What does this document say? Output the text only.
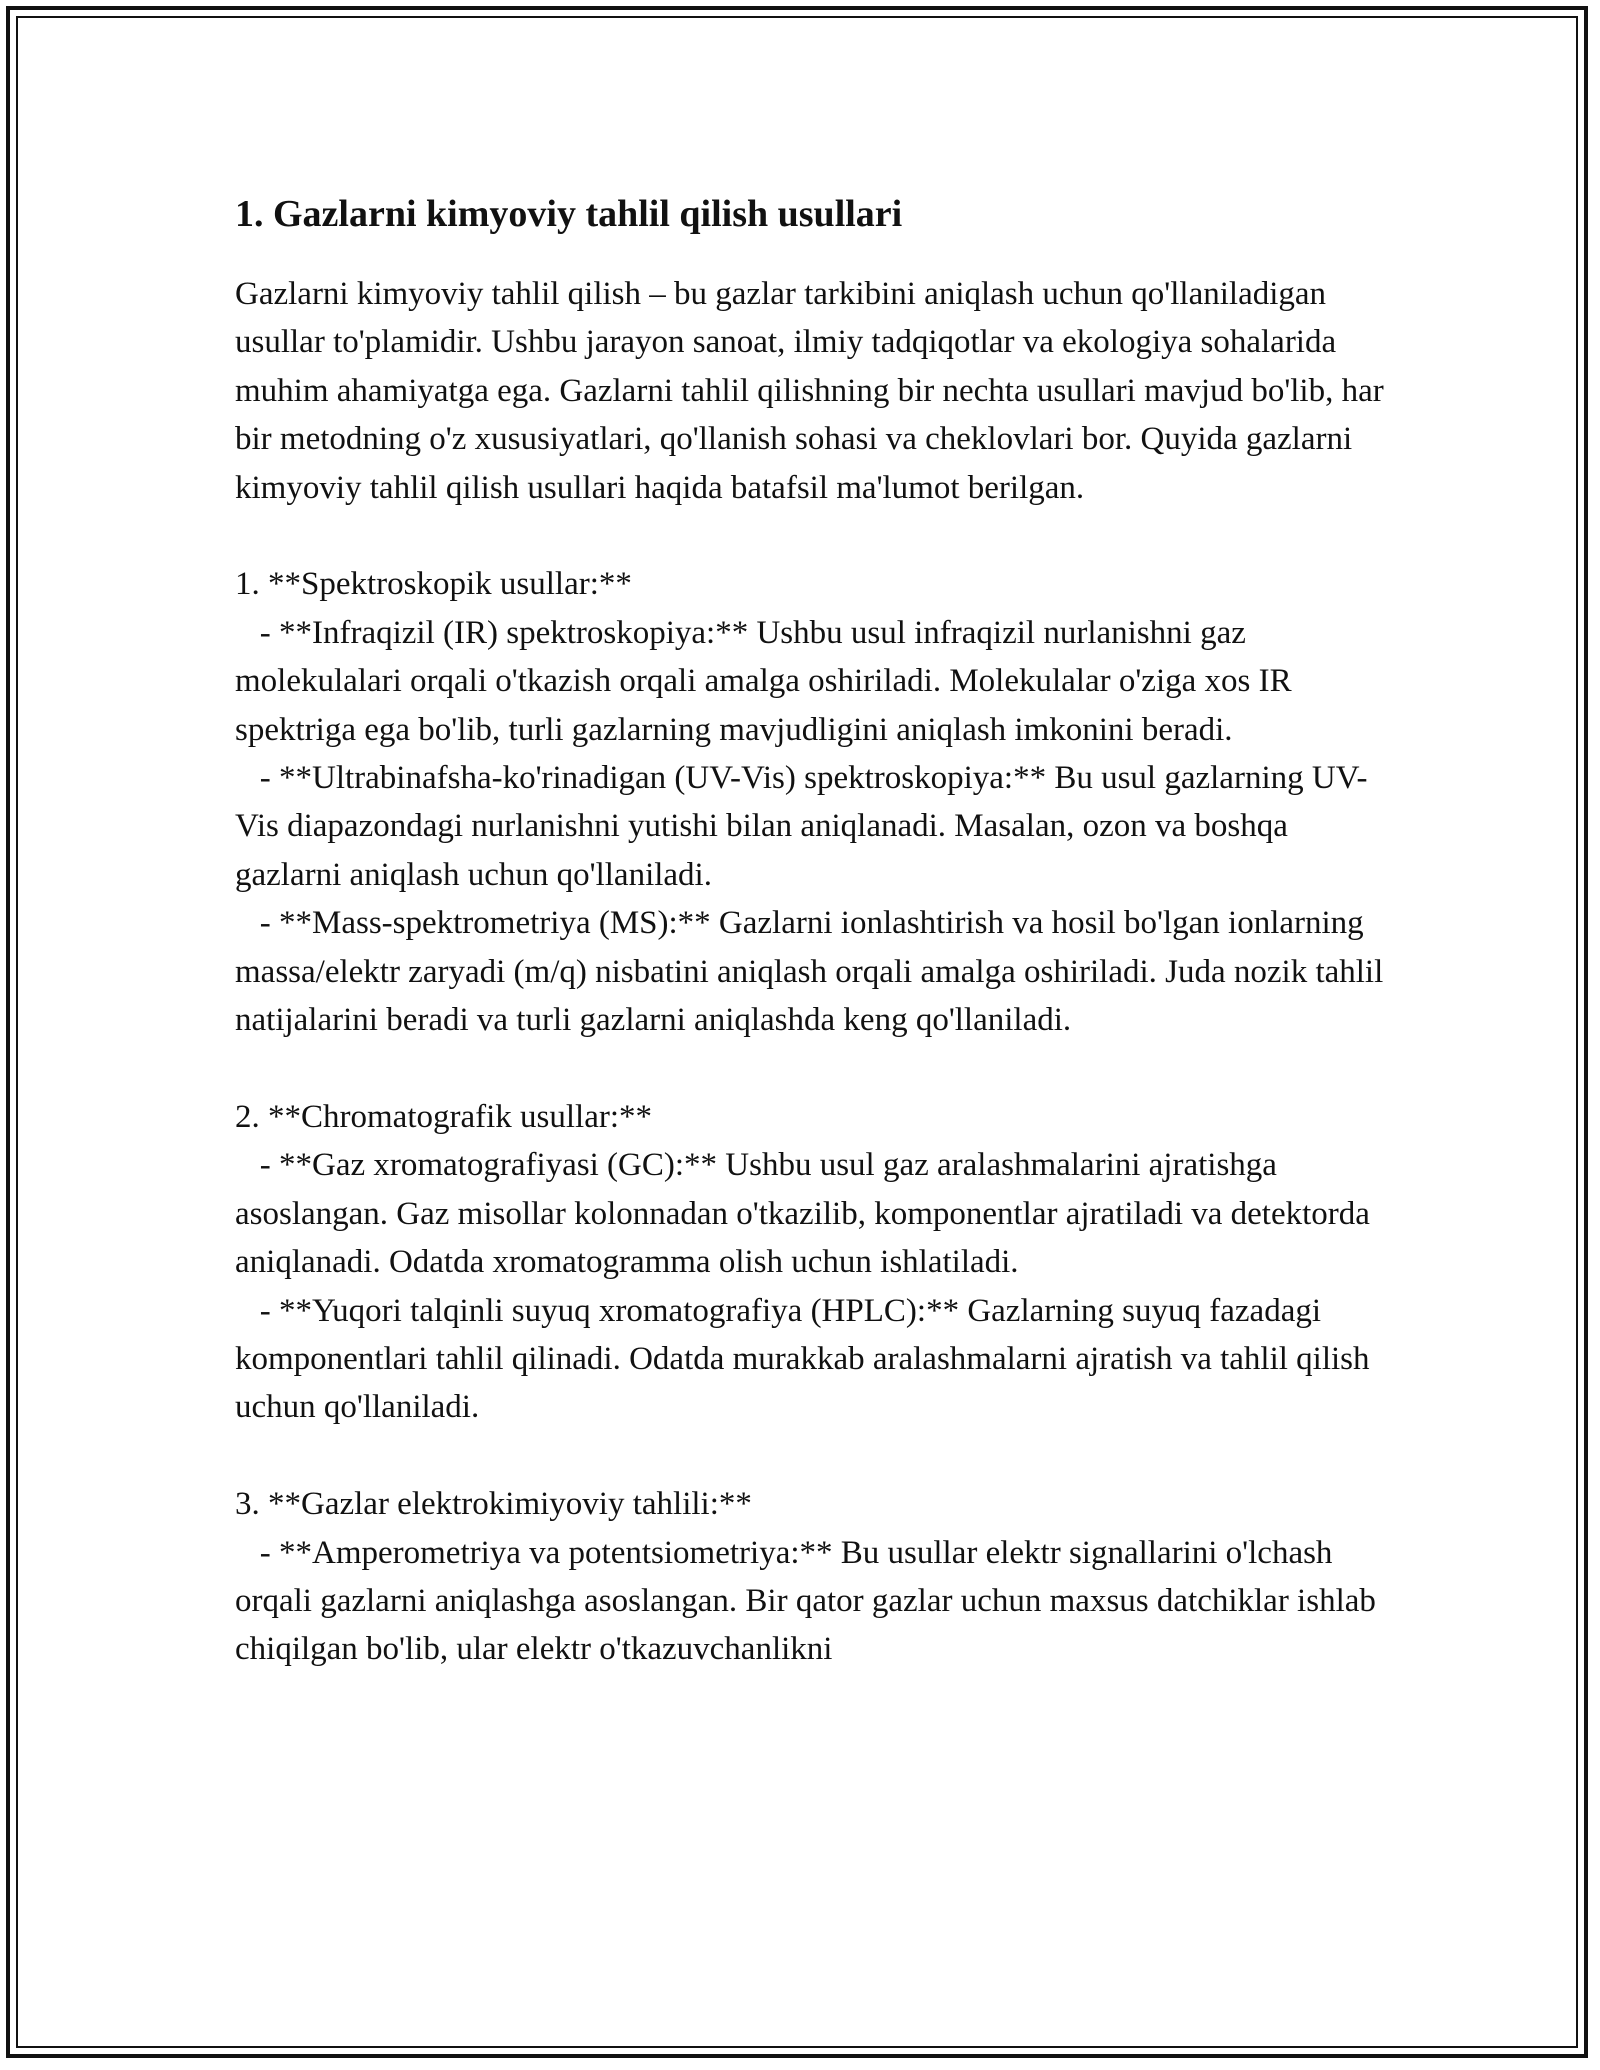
1. Gazlarni kimyoviy tahlil qilish usullari

Gazlarni kimyoviy tahlil qilish – bu gazlar tarkibini aniqlash uchun qo'llaniladigan usullar to'plamidir. Ushbu jarayon sanoat, ilmiy tadqiqotlar va ekologiya sohalarida muhim ahamiyatga ega. Gazlarni tahlil qilishning bir nechta usullari mavjud bo'lib, har bir metodning o'z xususiyatlari, qo'llanish sohasi va cheklovlari bor. Quyida gazlarni kimyoviy tahlil qilish usullari haqida batafsil ma'lumot berilgan.

1. **Spektroskopik usullar:**

- **Infraqizil (IR) spektroskopiya:** Ushbu usul infraqizil nurlanishni gaz molekulalari orqali o'tkazish orqali amalga oshiriladi. Molekulalar o'ziga xos IR spektriga ega bo'lib, turli gazlarning mavjudligini aniqlash imkonini beradi.

- **Ultrabinafsha-ko'rinadigan (UV-Vis) spektroskopiya:** Bu usul gazlarning UV-Vis diapazondagi nurlanishni yutishi bilan aniqlanadi. Masalan, ozon va boshqa gazlarni aniqlash uchun qo'llaniladi.

- **Mass-spektrometriya (MS):** Gazlarni ionlashtirish va hosil bo'lgan ionlarning massa/elektr zaryadi (m/q) nisbatini aniqlash orqali amalga oshiriladi. Juda nozik tahlil natijalarini beradi va turli gazlarni aniqlashda keng qo'llaniladi.

2. **Chromatografik usullar:**

- **Gaz xromatografiyasi (GC):** Ushbu usul gaz aralashmalarini ajratishga asoslangan. Gaz misollar kolonnadan o'tkazilib, komponentlar ajratiladi va detektorda aniqlanadi. Odatda xromatogramma olish uchun ishlatiladi.

- **Yuqori talqinli suyuq xromatografiya (HPLC):** Gazlarning suyuq fazadagi komponentlari tahlil qilinadi. Odatda murakkab aralashmalarni ajratish va tahlil qilish uchun qo'llaniladi.

3. **Gazlar elektrokimiyoviy tahlili:**

- **Amperometriya va potentsiometriya:** Bu usullar elektr signallarini o'lchash orqali gazlarni aniqlashga asoslangan. Bir qator gazlar uchun maxsus datchiklar ishlab chiqilgan bo'lib, ular elektr o'tkazuvchanlikni
